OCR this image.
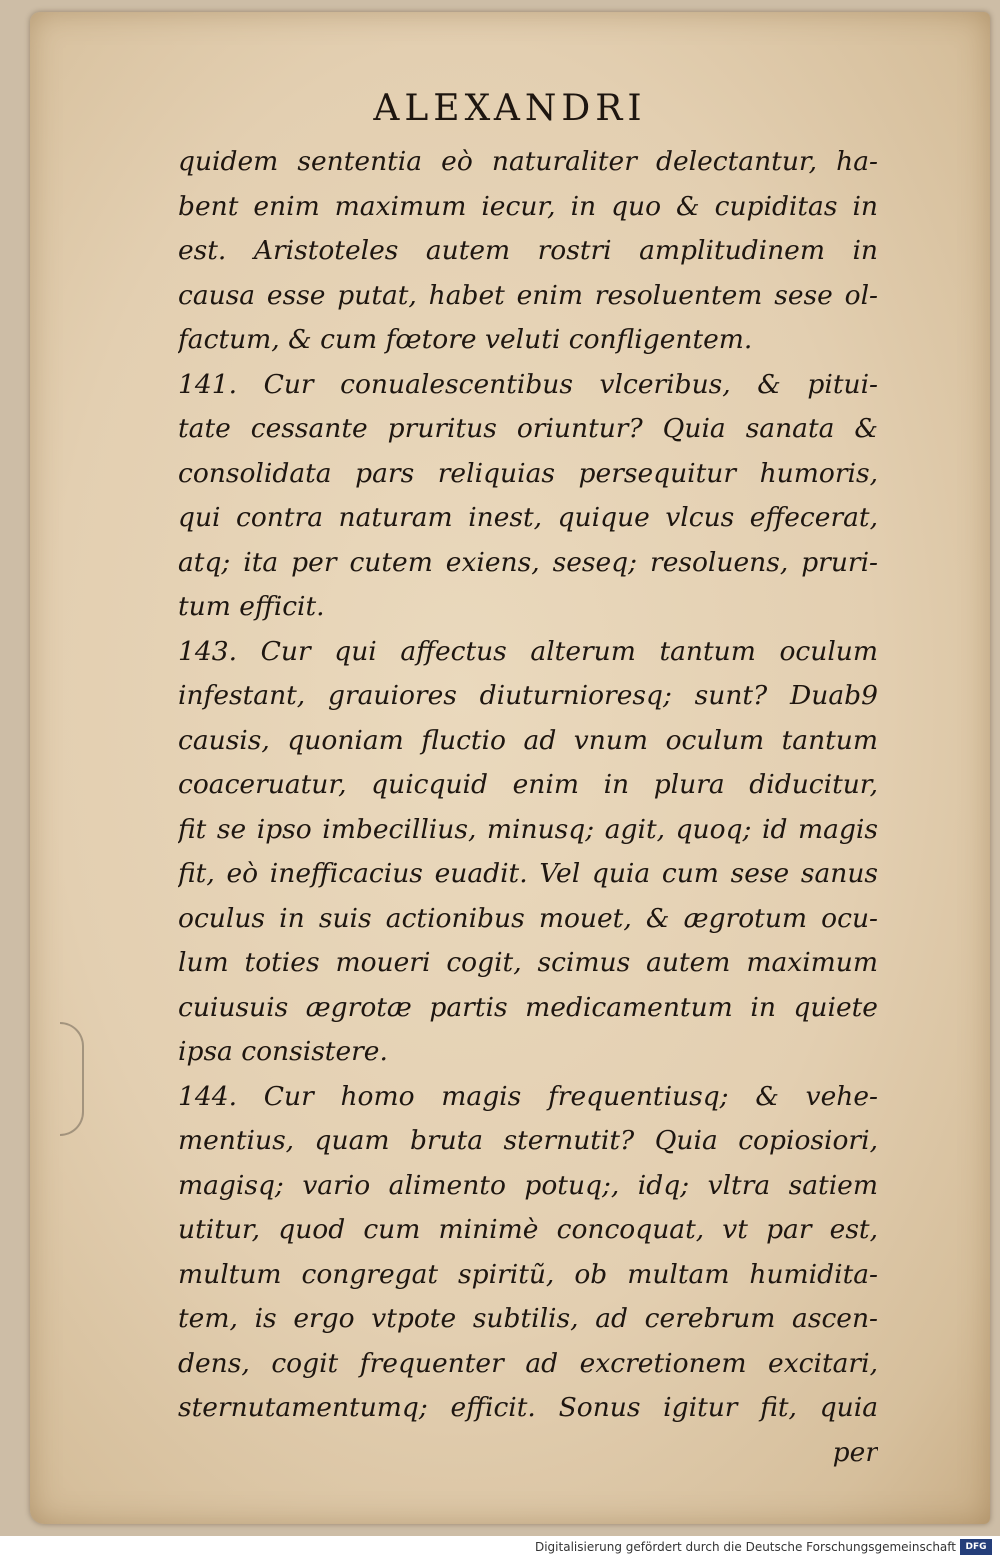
ALEXANDRI
quidem sententia eò naturaliter delectantur, ha-
bent enim maximum iecur, in quo & cupiditas in
est. Aristoteles autem rostri amplitudinem in
causa esse putat, habet enim resoluentem sese ol-
factum, & cum fœtore veluti confligentem.
141. Cur conualescentibus vlceribus, & pitui-
tate cessante pruritus oriuntur? Quia sanata &
consolidata pars reliquias persequitur humoris,
qui contra naturam inest, quique vlcus effecerat,
atq; ita per cutem exiens, seseq; resoluens, pruri-
tum efficit.
143. Cur qui affectus alterum tantum oculum
infestant, grauiores diuturnioresq; sunt? Duab9
causis, quoniam fluctio ad vnum oculum tantum
coaceruatur, quicquid enim in plura diducitur,
fit se ipso imbecillius, minusq; agit, quoq; id magis
fit, eò inefficacius euadit. Vel quia cum sese sanus
oculus in suis actionibus mouet, & ægrotum ocu-
lum toties moueri cogit, scimus autem maximum
cuiusuis ægrotæ partis medicamentum in quiete
ipsa consistere.
144. Cur homo magis frequentiusq; & vehe-
mentius, quam bruta sternutit? Quia copiosiori,
magisq; vario alimento potuq;, idq; vltra satiem
utitur, quod cum minimè concoquat, vt par est,
multum congregat spiritũ, ob multam humidita-
tem, is ergo vtpote subtilis, ad cerebrum ascen-
dens, cogit frequenter ad excretionem excitari,
sternutamentumq; efficit. Sonus igitur fit, quia
per
Digitalisierung gefördert durch die Deutsche Forschungsgemeinschaft	DFG
